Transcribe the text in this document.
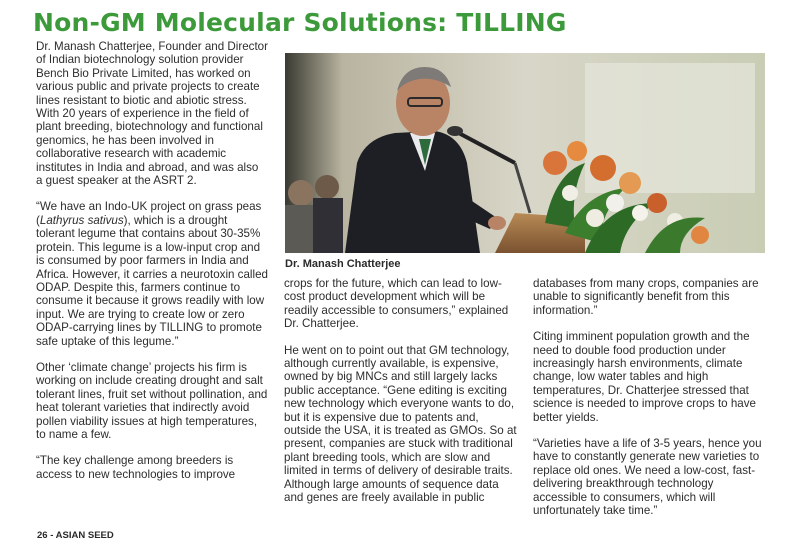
Non-GM Molecular Solutions: TILLING

Dr. Manash Chatterjee, Founder and Director of Indian biotechnology solution provider Bench Bio Private Limited, has worked on various public and private projects to create lines resistant to biotic and abiotic stress. With 20 years of experience in the field of plant breeding, biotechnology and functional genomics, he has been involved in collaborative research with academic institutes in India and abroad, and was also a guest speaker at the ASRT 2.

“We have an Indo-UK project on grass peas (Lathyrus sativus), which is a drought tolerant legume that contains about 30-35% protein. This legume is a low-input crop and is consumed by poor farmers in India and Africa. However, it carries a neurotoxin called ODAP. Despite this, farmers continue to consume it because it grows readily with low input. We are trying to create low or zero ODAP-carrying lines by TILLING to promote safe uptake of this legume.”

Other ‘climate change’ projects his firm is working on include creating drought and salt tolerant lines, fruit set without pollination, and heat tolerant varieties that indirectly avoid pollen viability issues at high temperatures, to name a few.

“The key challenge among breeders is access to new technologies to improve

Dr. Manash Chatterjee

crops for the future, which can lead to low-cost product development which will be readily accessible to consumers,” explained Dr. Chatterjee.

He went on to point out that GM technology, although currently available, is expensive, owned by big MNCs and still largely lacks public acceptance. “Gene editing is exciting new technology which everyone wants to do, but it is expensive due to patents and, outside the USA, it is treated as GMOs. So at present, companies are stuck with traditional plant breeding tools, which are slow and limited in terms of delivery of desirable traits. Although large amounts of sequence data and genes are freely available in public

databases from many crops, companies are unable to significantly benefit from this information.”

Citing imminent population growth and the need to double food production under increasingly harsh environments, climate change, low water tables and high temperatures, Dr. Chatterjee stressed that science is needed to improve crops to have better yields.

“Varieties have a life of 3-5 years, hence you have to constantly generate new varieties to replace old ones. We need a low-cost, fast-delivering breakthrough technology accessible to consumers, which will unfortunately take time.”

26 - ASIAN SEED
